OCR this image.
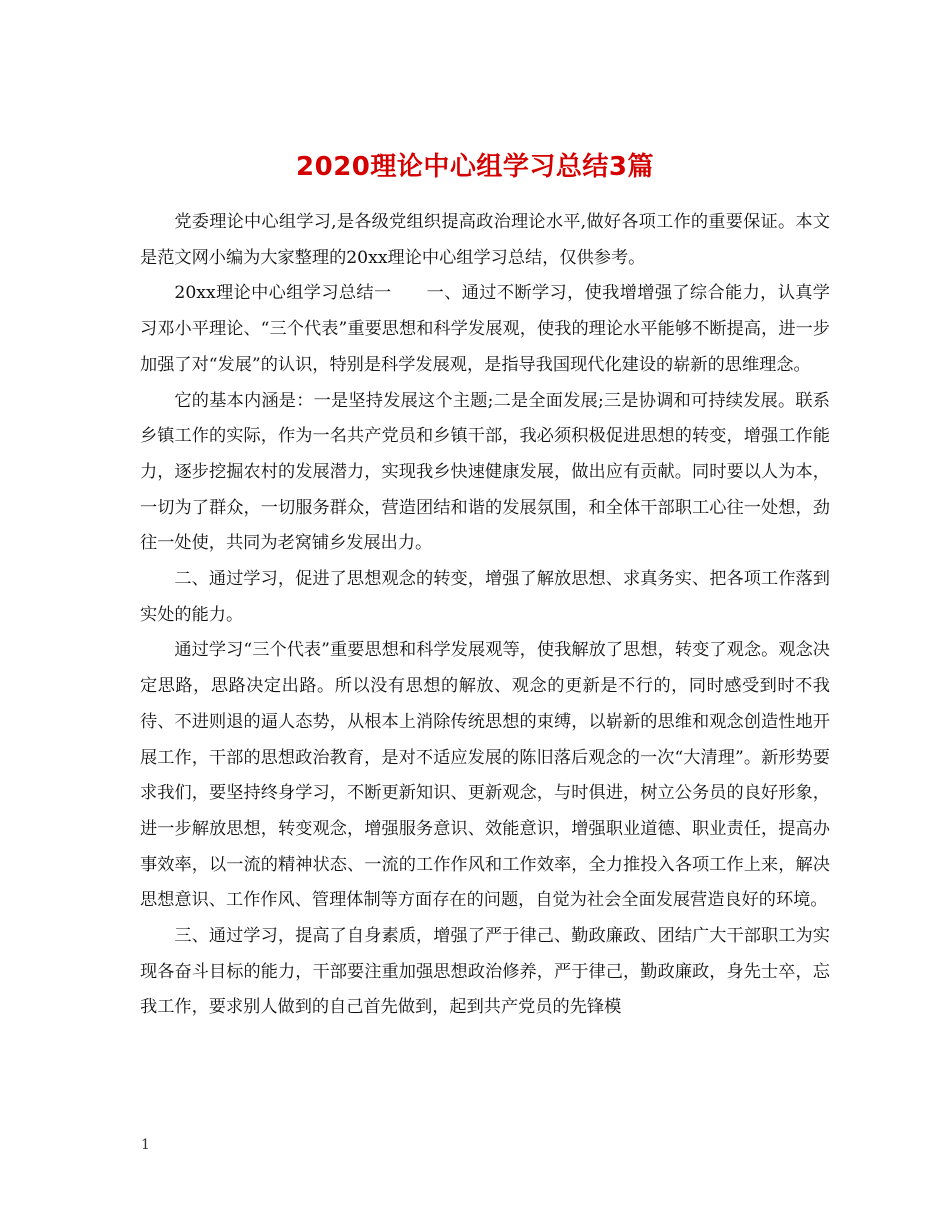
2020理论中心组学习总结3篇

党委理论中心组学习,是各级党组织提高政治理论水平,做好各项工作的重要保证。本文是范文网小编为大家整理的20xx理论中心组学习总结，仅供参考。

20xx理论中心组学习总结一　　一、通过不断学习，使我增增强了综合能力，认真学习邓小平理论、“三个代表”重要思想和科学发展观，使我的理论水平能够不断提高，进一步加强了对“发展”的认识，特别是科学发展观，是指导我国现代化建设的崭新的思维理念。

它的基本内涵是：一是坚持发展这个主题;二是全面发展;三是协调和可持续发展。联系乡镇工作的实际，作为一名共产党员和乡镇干部，我必须积极促进思想的转变，增强工作能力，逐步挖掘农村的发展潜力，实现我乡快速健康发展，做出应有贡献。同时要以人为本，一切为了群众，一切服务群众，营造团结和谐的发展氛围，和全体干部职工心往一处想，劲往一处使，共同为老窝铺乡发展出力。

二、通过学习，促进了思想观念的转变，增强了解放思想、求真务实、把各项工作落到实处的能力。

通过学习“三个代表”重要思想和科学发展观等，使我解放了思想，转变了观念。观念决定思路，思路决定出路。所以没有思想的解放、观念的更新是不行的，同时感受到时不我待、不进则退的逼人态势，从根本上消除传统思想的束缚，以崭新的思维和观念创造性地开展工作，干部的思想政治教育，是对不适应发展的陈旧落后观念的一次“大清理”。新形势要求我们，要坚持终身学习，不断更新知识、更新观念，与时俱进，树立公务员的良好形象，进一步解放思想，转变观念，增强服务意识、效能意识，增强职业道德、职业责任，提高办事效率，以一流的精神状态、一流的工作作风和工作效率，全力推投入各项工作上来，解决思想意识、工作作风、管理体制等方面存在的问题，自觉为社会全面发展营造良好的环境。

三、通过学习，提高了自身素质，增强了严于律己、勤政廉政、团结广大干部职工为实现各奋斗目标的能力，干部要注重加强思想政治修养，严于律己，勤政廉政，身先士卒，忘我工作，要求别人做到的自己首先做到，起到共产党员的先锋模

1
